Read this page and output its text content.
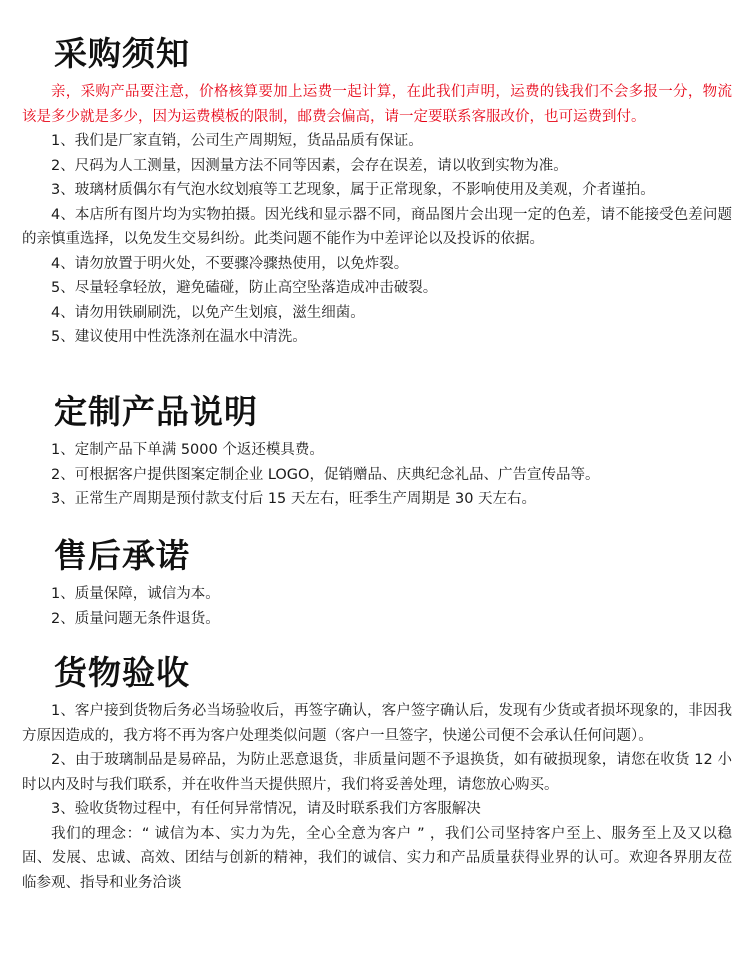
采购须知

亲，采购产品要注意，价格核算要加上运费一起计算，在此我们声明，运费的钱我们不会多报一分，物流该是多少就是多少，因为运费模板的限制，邮费会偏高，请一定要联系客服改价，也可运费到付。

1、我们是厂家直销，公司生产周期短，货品品质有保证。

2、尺码为人工测量，因测量方法不同等因素，会存在误差，请以收到实物为准。

3、玻璃材质偶尔有气泡水纹划痕等工艺现象，属于正常现象，不影响使用及美观，介者谨拍。

4、本店所有图片均为实物拍摄。因光线和显示器不同，商品图片会出现一定的色差，请不能接受色差问题的亲慎重选择，以免发生交易纠纷。此类问题不能作为中差评论以及投诉的依据。

4、请勿放置于明火处，不要骤冷骤热使用，以免炸裂。

5、尽量轻拿轻放，避免磕碰，防止高空坠落造成冲击破裂。

4、请勿用铁刷刷洗，以免产生划痕，滋生细菌。

5、建议使用中性洗涤剂在温水中清洗。

定制产品说明

1、定制产品下单满 5000 个返还模具费。

2、可根据客户提供图案定制企业 LOGO，促销赠品、庆典纪念礼品、广告宣传品等。

3、正常生产周期是预付款支付后 15 天左右，旺季生产周期是 30 天左右。

售后承诺

1、质量保障，诚信为本。

2、质量问题无条件退货。

货物验收

1、客户接到货物后务必当场验收后，再签字确认，客户签字确认后，发现有少货或者损坏现象的，非因我方原因造成的，我方将不再为客户处理类似问题（客户一旦签字，快递公司便不会承认任何问题）。

2、由于玻璃制品是易碎品，为防止恶意退货，非质量问题不予退换货，如有破损现象，请您在收货 12 小时以内及时与我们联系，并在收件当天提供照片，我们将妥善处理，请您放心购买。

3、验收货物过程中，有任何异常情况，请及时联系我们方客服解决

我们的理念：“ 诚信为本、实力为先，全心全意为客户 ” ，我们公司坚持客户至上、服务至上及又以稳固、发展、忠诚、高效、团结与创新的精神，我们的诚信、实力和产品质量获得业界的认可。欢迎各界朋友莅临参观、指导和业务洽谈
